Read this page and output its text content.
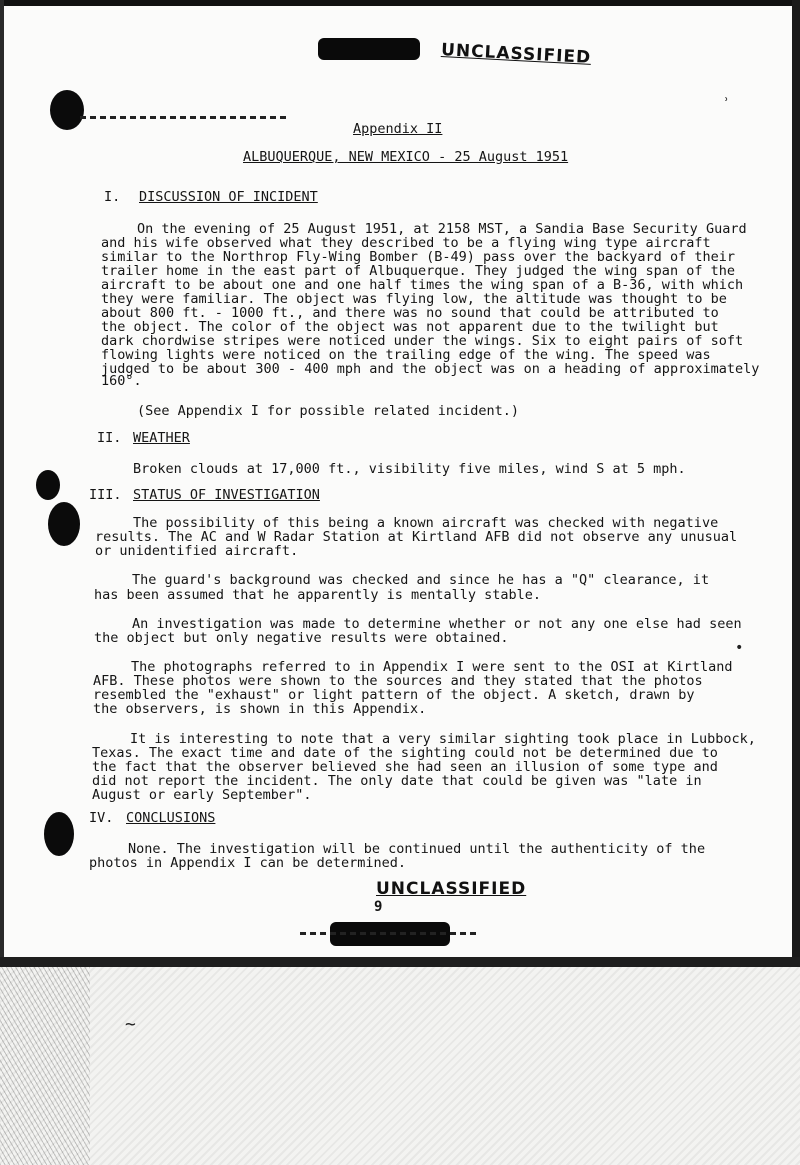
ʾ
•
~
UNCLASSIFIED
UNCLASSIFIED
Appendix II
ALBUQUERQUE, NEW MEXICO - 25 August 1951
I. DISCUSSION OF INCIDENT
On the evening of 25 August 1951, at 2158 MST, a Sandia Base Security Guard
and his wife observed what they described to be a flying wing type aircraft
similar to the Northrop Fly-Wing Bomber (B-49) pass over the backyard of their
trailer home in the east part of Albuquerque. They judged the wing span of the
aircraft to be about one and one half times the wing span of a B-36, with which
they were familiar. The object was flying low, the altitude was thought to be
about 800 ft. - 1000 ft., and there was no sound that could be attributed to
the object. The color of the object was not apparent due to the twilight but
dark chordwise stripes were noticed under the wings. Six to eight pairs of soft
flowing lights were noticed on the trailing edge of the wing. The speed was
judged to be about 300 - 400 mph and the object was on a heading of approximately
160°.
(See Appendix I for possible related incident.)
II. WEATHER
Broken clouds at 17,000 ft., visibility five miles, wind S at 5 mph.
III. STATUS OF INVESTIGATION
The possibility of this being a known aircraft was checked with negative
results. The AC and W Radar Station at Kirtland AFB did not observe any unusual
or unidentified aircraft.
The guard's background was checked and since he has a "Q" clearance, it
has been assumed that he apparently is mentally stable.
An investigation was made to determine whether or not any one else had seen
the object but only negative results were obtained.
The photographs referred to in Appendix I were sent to the OSI at Kirtland
AFB. These photos were shown to the sources and they stated that the photos
resembled the "exhaust" or light pattern of the object. A sketch, drawn by
the observers, is shown in this Appendix.
It is interesting to note that a very similar sighting took place in Lubbock,
Texas. The exact time and date of the sighting could not be determined due to
the fact that the observer believed she had seen an illusion of some type and
did not report the incident. The only date that could be given was "late in
August or early September".
IV. CONCLUSIONS
None. The investigation will be continued until the authenticity of the
photos in Appendix I can be determined.
9
